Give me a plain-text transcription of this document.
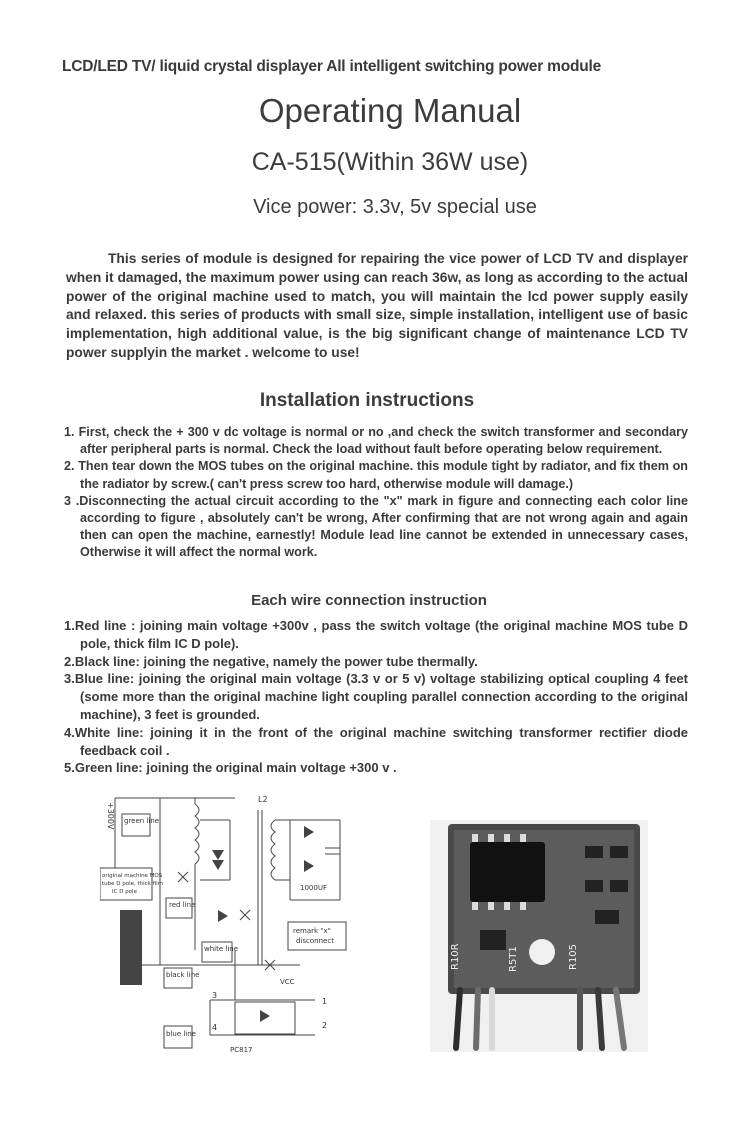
LCD/LED TV/ liquid crystal displayer All intelligent switching power module
Operating Manual
CA-515(Within 36W use)
Vice power: 3.3v, 5v special use

This series of module is designed for repairing the vice power of LCD TV and displayer when it damaged, the maximum power using can reach 36w, as long as according to the actual power of the original machine used to match, you will maintain the lcd power supply easily and relaxed. this series of products with small size, simple installation, intelligent use of basic implementation, high additional value, is the big significant change of maintenance LCD TV power supplyin the market . welcome to use!

Installation instructions

1. First, check the + 300 v dc voltage is normal or no ,and check the switch transformer and secondary after peripheral parts is normal. Check the load without fault before operating below requirement.

2. Then tear down the MOS tubes on the original machine. this module tight by radiator, and fix them on the radiator by screw.( can't press screw too hard, otherwise module will damage.)

3 .Disconnecting the actual circuit according to the "x" mark in figure and connecting each color line according to figure , absolutely can't be wrong, After confirming that are not wrong again and again then can open the machine, earnestly! Module lead line cannot be extended in unnecessary cases, Otherwise it will affect the normal work.

Each wire connection instruction

1.Red line : joining main voltage +300v , pass the switch voltage (the original machine MOS tube D pole, thick film IC D pole).

2.Black line: joining the negative, namely the power tube thermally.

3.Blue line: joining the original main voltage (3.3 v or 5 v) voltage stabilizing optical coupling 4 feet (some more than the original machine light coupling parallel connection according to the original machine), 3 feet is grounded.

4.White line: joining it in the front of the original machine switching transformer rectifier diode feedback coil .

5.Green line: joining the original main voltage +300 v .

+300V green line
L2
original machine MOS
tube D pole, thick film
IC D pole
red line
1000UF
remark "x"
disconnect
module	white line
black line
VCC
blue line
PC817
3
4
1
2
R10R	R5T1	R105
